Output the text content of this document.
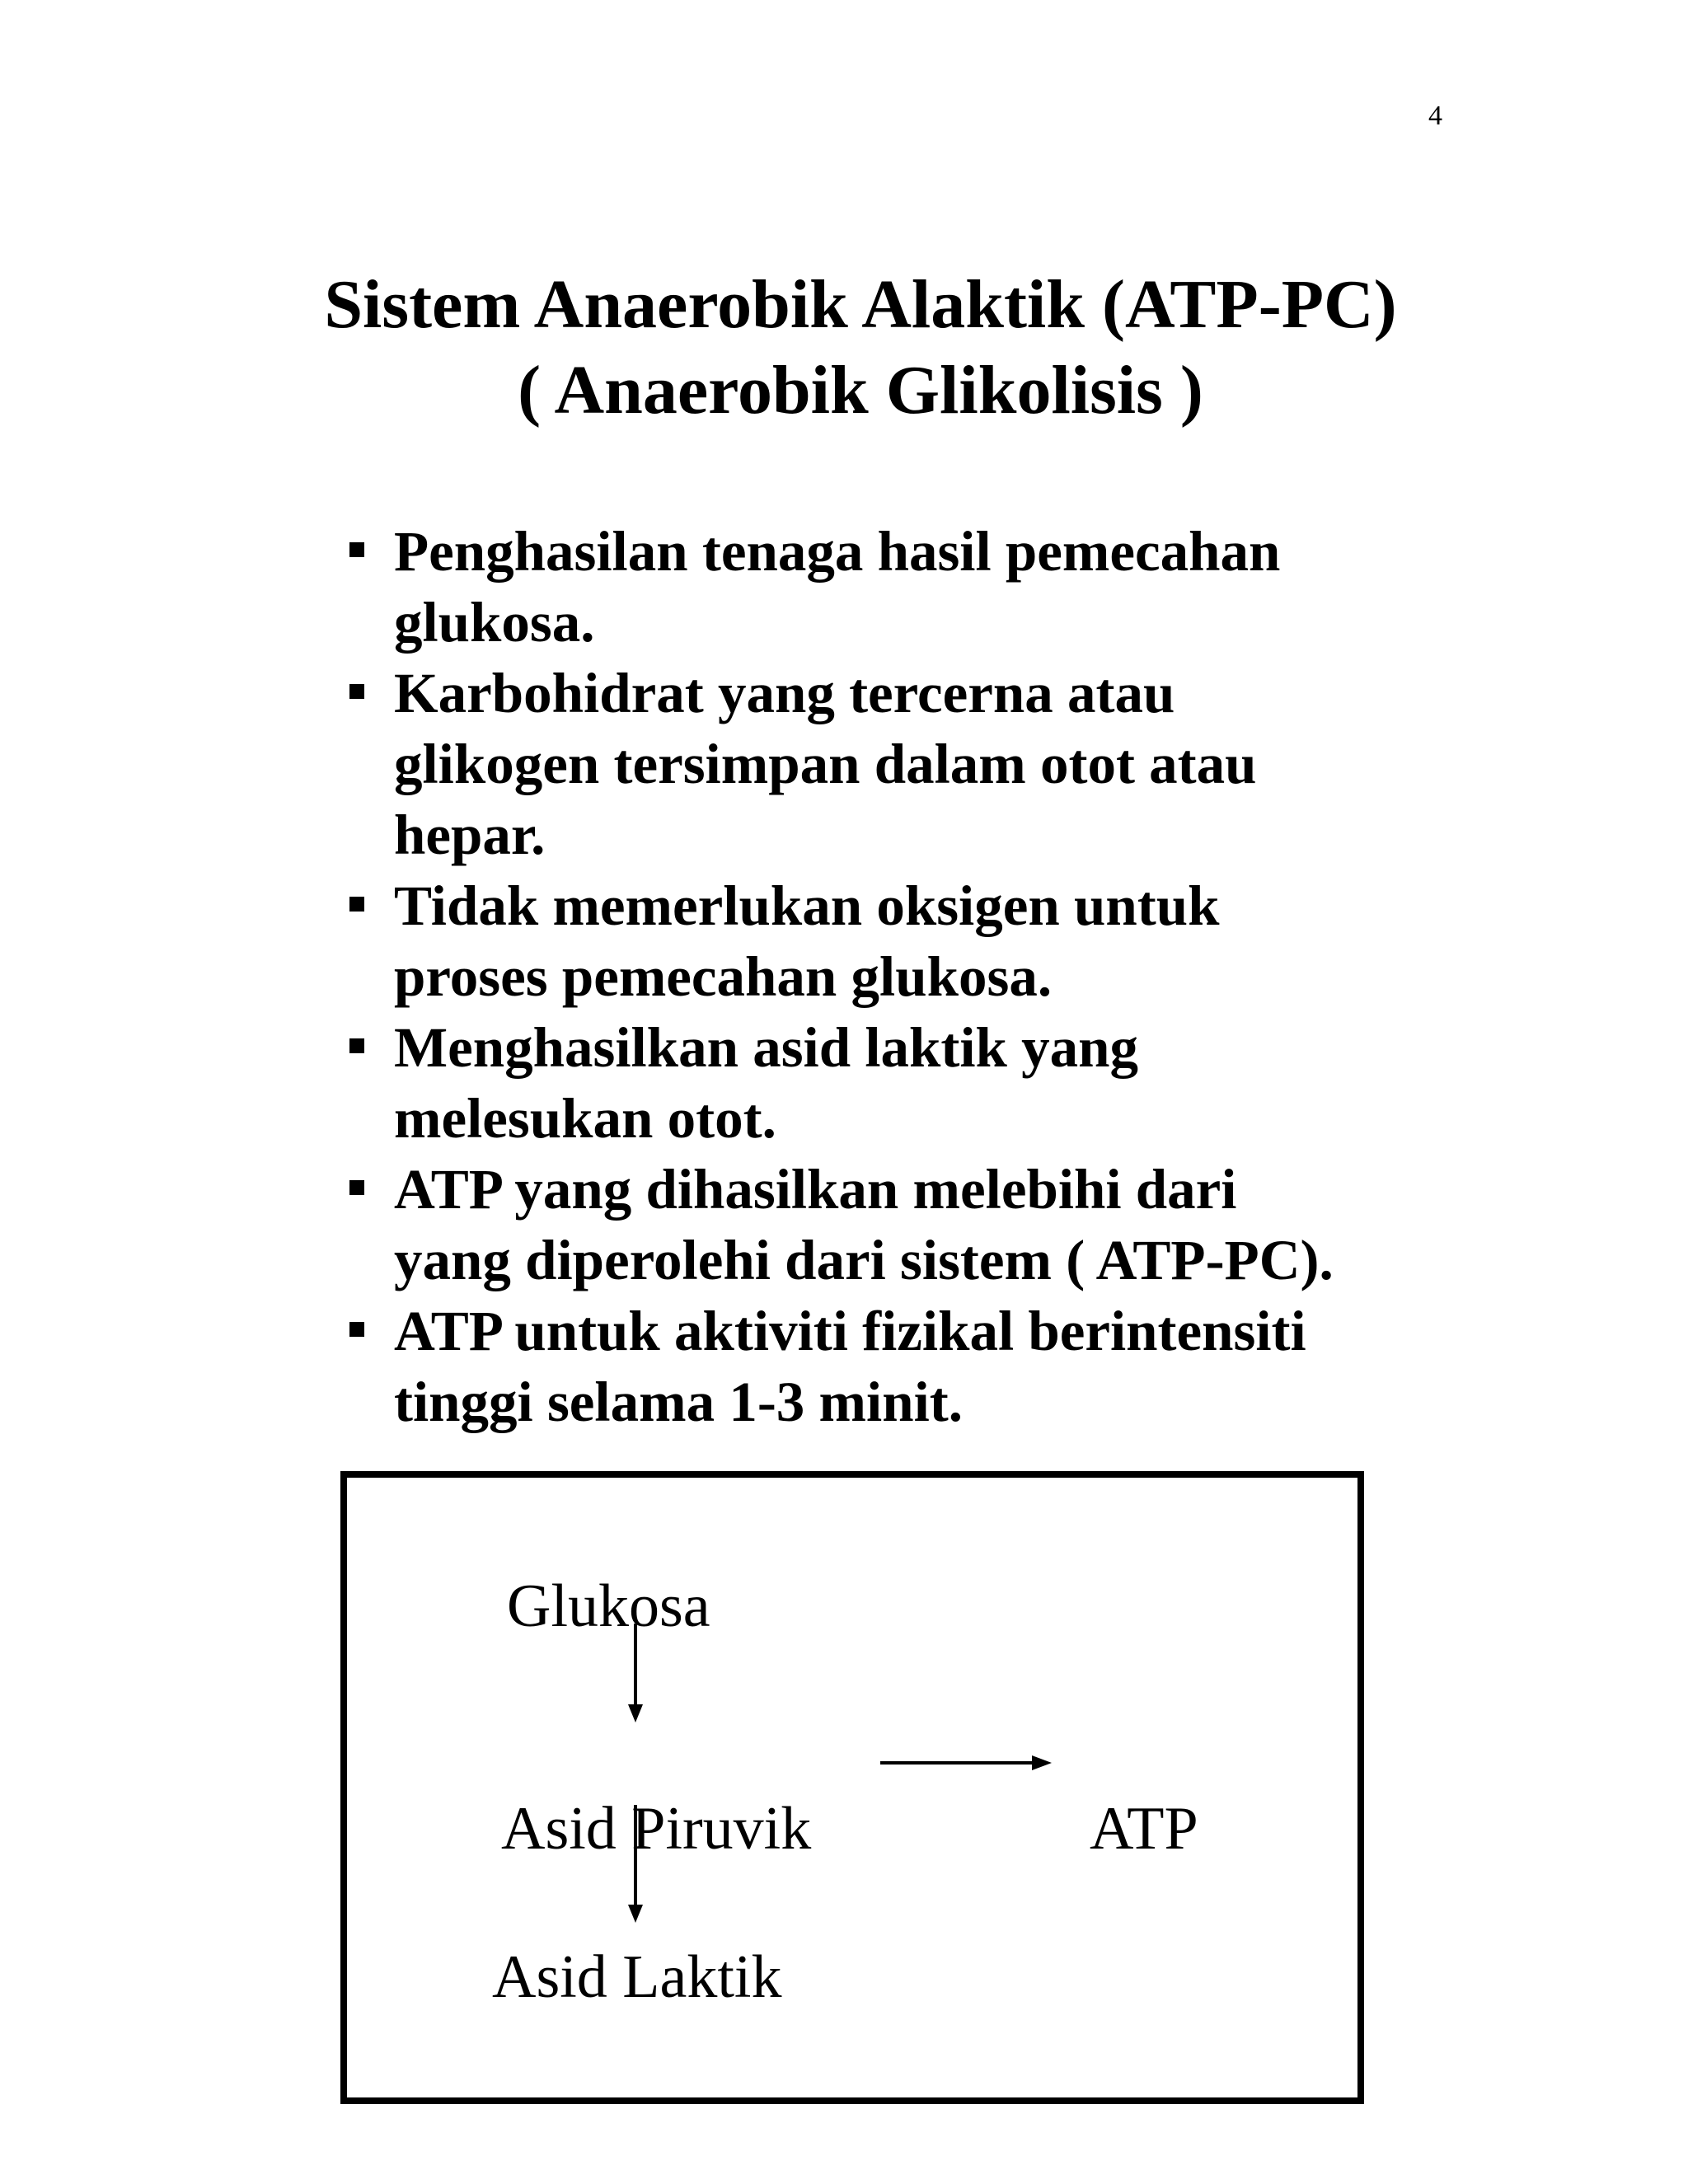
4
Sistem Anaerobik Alaktik (ATP-PC)
( Anaerobik Glikolisis )
Penghasilan tenaga hasil pemecahan
glukosa.
Karbohidrat yang tercerna atau
glikogen tersimpan dalam otot atau
hepar.
Tidak memerlukan oksigen untuk
proses pemecahan glukosa.
Menghasilkan asid laktik yang
melesukan otot.
ATP yang dihasilkan melebihi dari
yang diperolehi dari sistem ( ATP-PC).
ATP untuk aktiviti fizikal berintensiti
tinggi selama 1-3 minit.
Glukosa
Asid Piruvik	ATP
Asid Laktik
